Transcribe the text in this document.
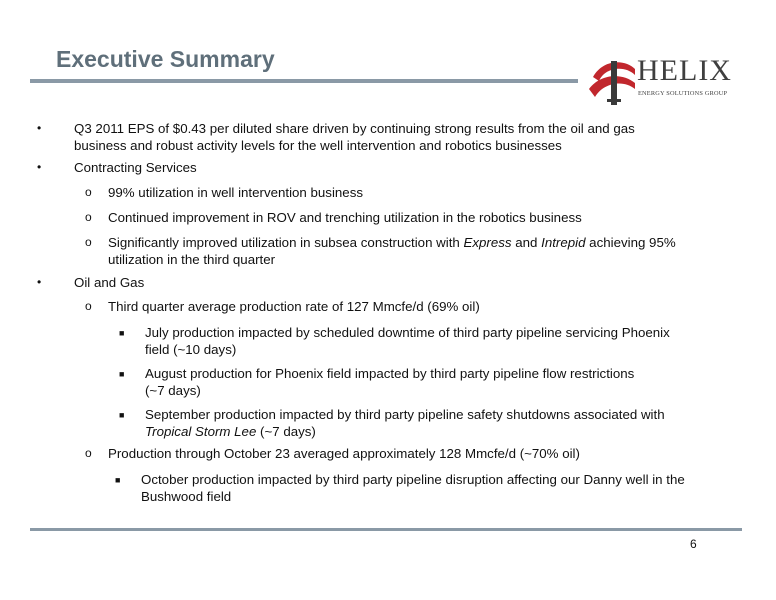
Executive Summary	HELIX
ENERGY SOLUTIONS GROUP
• Q3 2011 EPS of $0.43 per diluted share driven by continuing strong results from the oil and gas
business and robust activity levels for the well intervention and robotics businesses
• Contracting Services
o 99% utilization in well intervention business
o Continued improvement in ROV and trenching utilization in the robotics business
o Significantly improved utilization in subsea construction with Express and Intrepid achieving 95%
utilization in the third quarter
• Oil and Gas
o Third quarter average production rate of 127 Mmcfe/d (69% oil)
■ July production impacted by scheduled downtime of third party pipeline servicing Phoenix
field (~10 days)
■ August production for Phoenix field impacted by third party pipeline flow restrictions
(~7 days)
■ September production impacted by third party pipeline safety shutdowns associated with
Tropical Storm Lee (~7 days)
o Production through October 23 averaged approximately 128 Mmcfe/d (~70% oil)
■ October production impacted by third party pipeline disruption affecting our Danny well in the
Bushwood field
6
